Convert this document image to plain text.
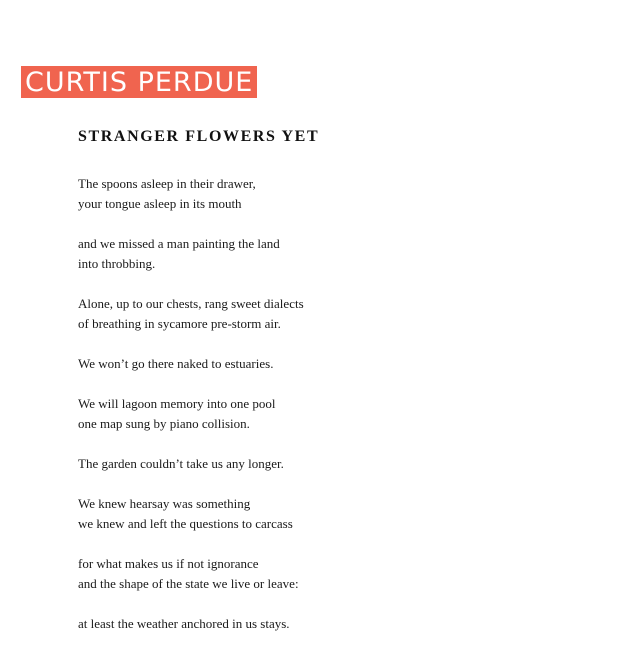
CURTIS PERDUE
STRANGER FLOWERS YET

The spoons asleep in their drawer,
your tongue asleep in its mouth

and we missed a man painting the land
into throbbing.

Alone, up to our chests, rang sweet dialects
of breathing in sycamore pre-storm air.

We won’t go there naked to estuaries.

We will lagoon memory into one pool
one map sung by piano collision.

The garden couldn’t take us any longer.

We knew hearsay was something
we knew and left the questions to carcass

for what makes us if not ignorance
and the shape of the state we live or leave:

at least the weather anchored in us stays.
